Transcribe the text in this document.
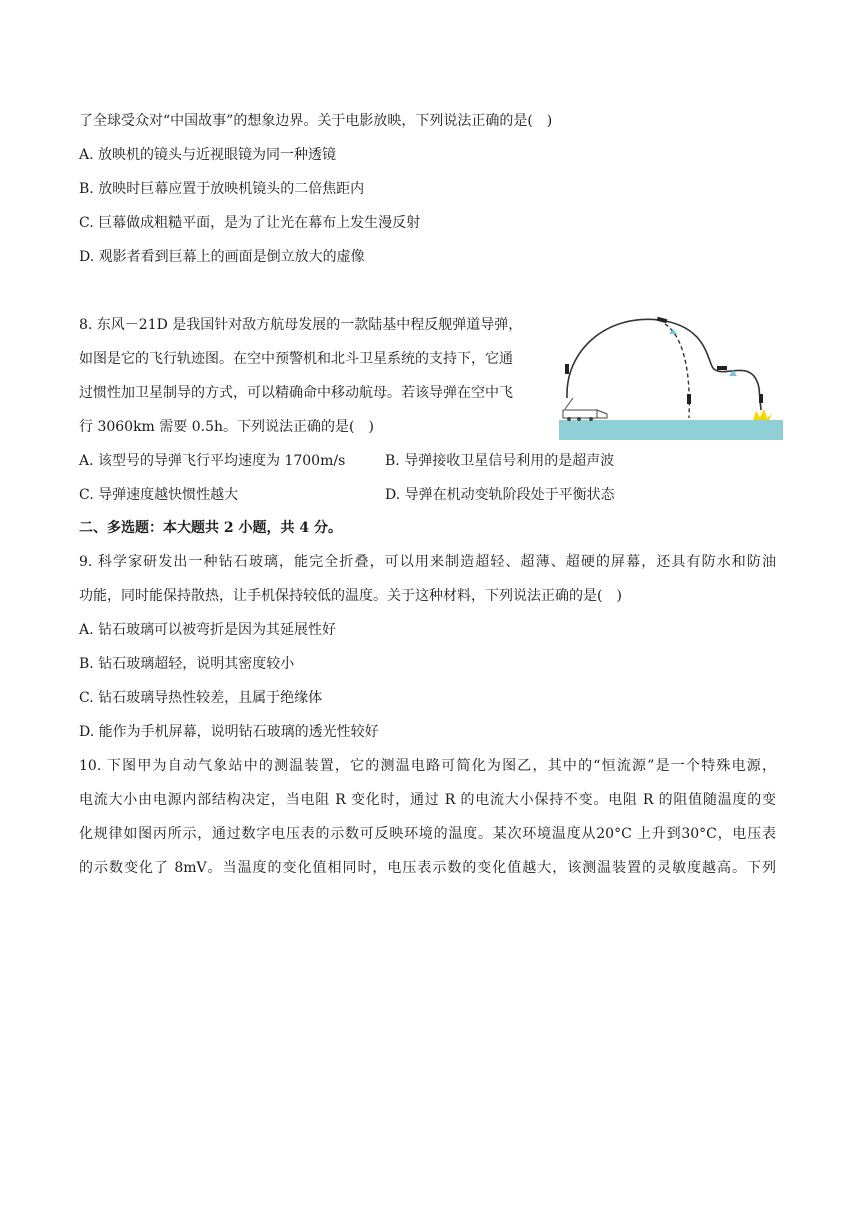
了全球受众对“中国故事”的想象边界。关于电影放映，下列说法正确的是(　)
A. 放映机的镜头与近视眼镜为同一种透镜
B. 放映时巨幕应置于放映机镜头的二倍焦距内
C. 巨幕做成粗糙平面，是为了让光在幕布上发生漫反射
D. 观影者看到巨幕上的画面是倒立放大的虚像
8. 东风－21D 是我国针对敌方航母发展的一款陆基中程反舰弹道导弹，
如图是它的飞行轨迹图。在空中预警机和北斗卫星系统的支持下，它通
过惯性加卫星制导的方式，可以精确命中移动航母。若该导弹在空中飞
行 3060km 需要 0.5h。下列说法正确的是(　)
A. 该型号的导弹飞行平均速度为 1700m/s	B. 导弹接收卫星信号利用的是超声波
C. 导弹速度越快惯性越大	D. 导弹在机动变轨阶段处于平衡状态
二、多选题：本大题共 2 小题，共 4 分。
9. 科学家研发出一种钻石玻璃，能完全折叠，可以用来制造超轻、超薄、超硬的屏幕，还具有防水和防油
功能，同时能保持散热，让手机保持较低的温度。关于这种材料，下列说法正确的是(　)
A. 钻石玻璃可以被弯折是因为其延展性好
B. 钻石玻璃超轻，说明其密度较小
C. 钻石玻璃导热性较差，且属于绝缘体
D. 能作为手机屏幕，说明钻石玻璃的透光性较好
10. 下图甲为自动气象站中的测温装置，它的测温电路可简化为图乙，其中的“恒流源”是一个特殊电源，
电流大小由电源内部结构决定，当电阻 R 变化时，通过 R 的电流大小保持不变。电阻 R 的阻值随温度的变
化规律如图丙所示，通过数字电压表的示数可反映环境的温度。某次环境温度从20°C 上升到30°C，电压表
的示数变化了 8mV。当温度的变化值相同时，电压表示数的变化值越大，该测温装置的灵敏度越高。下列
